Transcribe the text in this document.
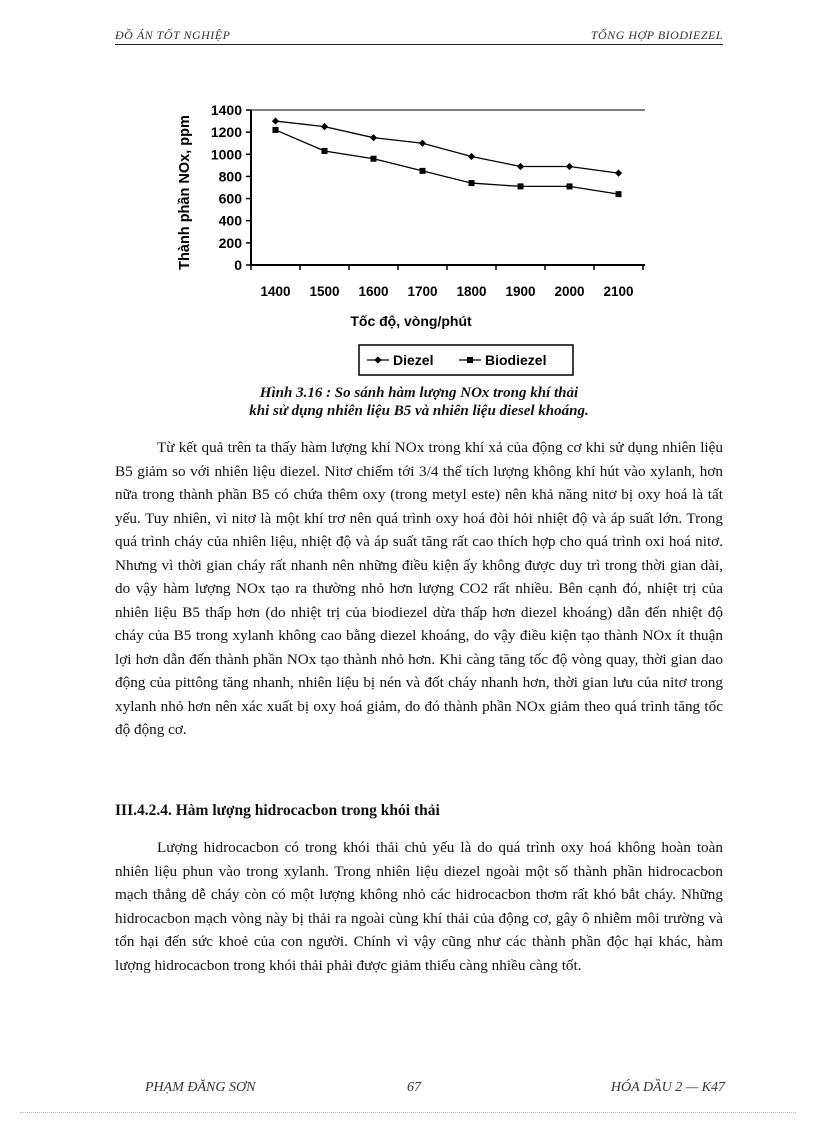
ĐỒ ÁN TỐT NGHIỆP	TỔNG HỢP BIODIEZEL
0
200
400
600
800
1000
1200
1400
1400 1500 1600 1700 1800 1900 2000 2100
Tốc độ, vòng/phút
Thành phần NOx, ppm
Diezel	Biodiezel
Hình 3.16 : So sánh hàm lượng NOx trong khí thải
khi sử dụng nhiên liệu B5 và nhiên liệu diesel khoáng.

Từ kết quả trên ta thấy hàm lượng khí NOx trong khí xả của động cơ khi sử dụng nhiên liệu B5 giảm so với nhiên liệu diezel. Nitơ chiếm tới 3/4 thể tích lượng không khí hút vào xylanh, hơn nữa trong thành phần B5 có chứa thêm oxy (trong metyl este) nên khả năng nitơ bị oxy hoá là tất yếu. Tuy nhiên, vì nitơ là một khí trơ nên quá trình oxy hoá đòi hỏi nhiệt độ và áp suất lớn. Trong quá trình cháy của nhiên liệu, nhiệt độ và áp suất tăng rất cao thích hợp cho quá trình oxi hoá nitơ. Nhưng vì thời gian cháy rất nhanh nên những điều kiện ấy không được duy trì trong thời gian dài, do vậy hàm lượng NOx tạo ra thường nhỏ hơn lượng CO2 rất nhiều. Bên cạnh đó, nhiệt trị của nhiên liệu B5 thấp hơn (do nhiệt trị của biodiezel dừa thấp hơn diezel khoáng) dẫn đến nhiệt độ cháy của B5 trong xylanh không cao bằng diezel khoáng, do vậy điều kiện tạo thành NOx ít thuận lợi hơn dẫn đến thành phần NOx tạo thành nhỏ hơn. Khi càng tăng tốc độ vòng quay, thời gian dao động của pittông tăng nhanh, nhiên liệu bị nén và đốt cháy nhanh hơn, thời gian lưu của nitơ trong xylanh nhỏ hơn nên xác xuất bị oxy hoá giảm, do đó thành phần NOx giảm theo quá trình tăng tốc độ động cơ.

III.4.2.4. Hàm lượng hidrocacbon trong khói thải

Lượng hidrocacbon có trong khói thải chủ yếu là do quá trình oxy hoá không hoàn toàn nhiên liệu phun vào trong xylanh. Trong nhiên liệu diezel ngoài một số thành phần hidrocacbon mạch thẳng dễ cháy còn có một lượng không nhỏ các hidrocacbon thơm rất khó bắt cháy. Những hidrocacbon mạch vòng này bị thải ra ngoài cùng khí thải của động cơ, gây ô nhiễm môi trường và tổn hại đến sức khoẻ của con người. Chính vì vậy cũng như các thành phần độc hại khác, hàm lượng hidrocacbon trong khói thải phải được giảm thiểu càng nhiều càng tốt.

PHẠM ĐĂNG SƠN	67	HÓA DẦU 2 — K47
